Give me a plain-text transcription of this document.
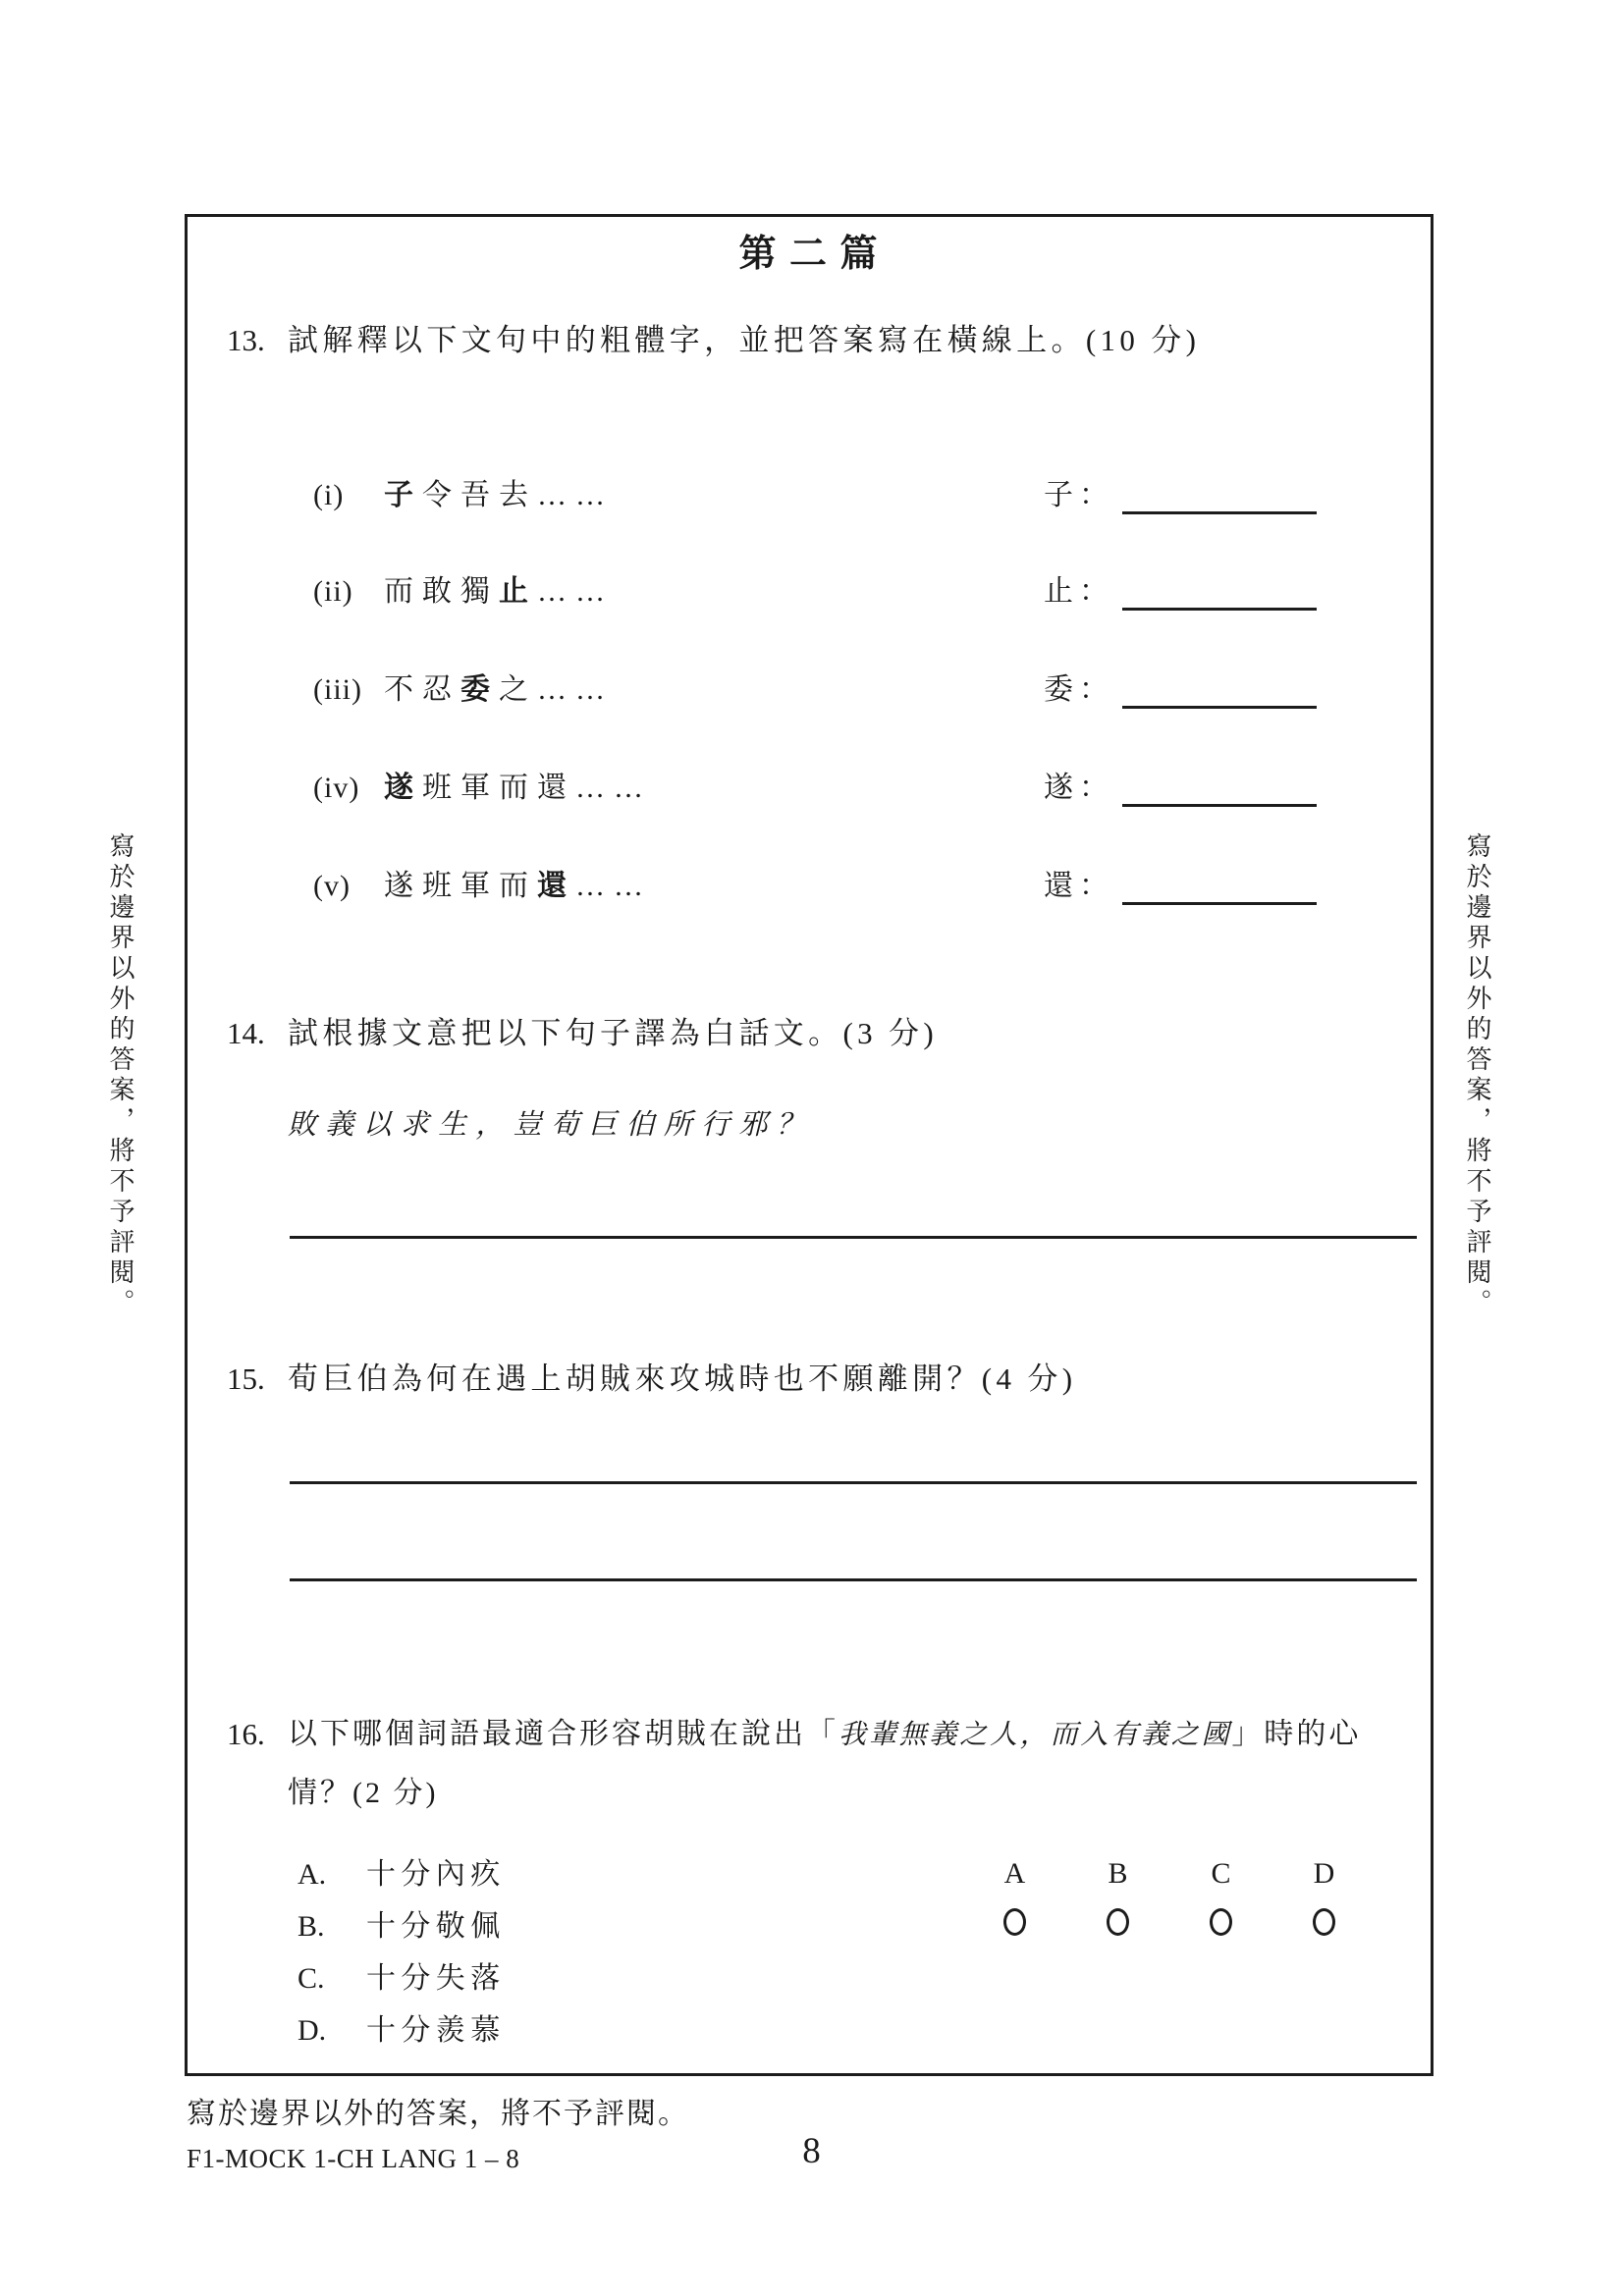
寫於邊界以外的答案，將不予評閱。	寫於邊界以外的答案，將不予評閱。
第 二 篇
13. 試解釋以下文句中的粗體字，並把答案寫在橫線上。(10 分)
(i) 子令吾去……	子：
(ii) 而敢獨止……	止：
(iii) 不忍委之……	委：
(iv) 遂班軍而還……	遂：
(v) 遂班軍而還……	還：
14. 試根據文意把以下句子譯為白話文。(3 分)
敗義以求生，豈荀巨伯所行邪？
15. 荀巨伯為何在遇上胡賊來攻城時也不願離開？(4 分)
16. 以下哪個詞語最適合形容胡賊在說出「我輩無義之人，而入有義之國」時的心
情？(2 分)
A. 十分內疚
B. 十分敬佩
C. 十分失落
D. 十分羨慕
A	B	C	D
寫於邊界以外的答案，將不予評閱。
F1-MOCK 1-CH LANG 1 – 8	8
